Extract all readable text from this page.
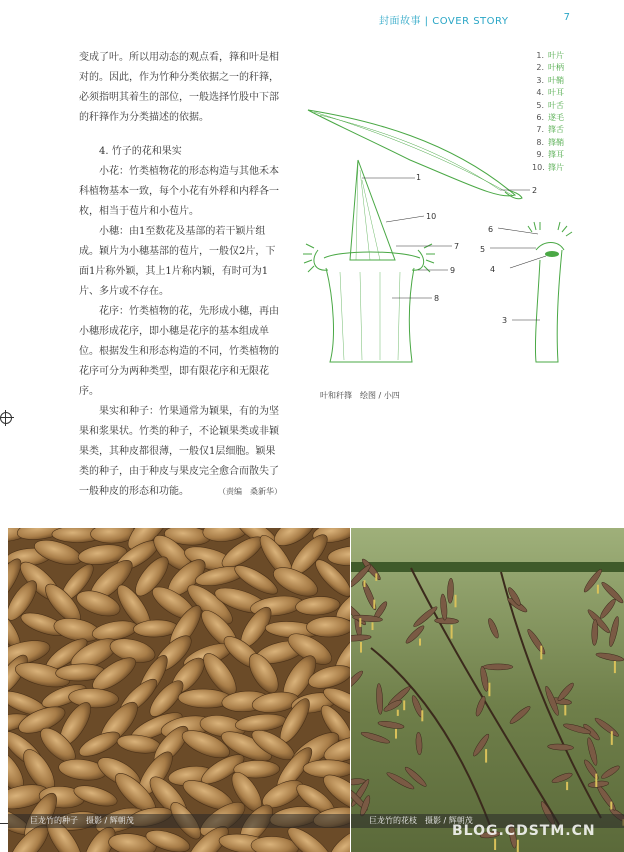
封面故事 | COVER STORY	7

变成了叶。所以用动态的观点看，箨和叶是相对的。因此，作为竹种分类依据之一的秆箨，必须指明其着生的部位，一般选择竹股中下部的秆箨作为分类描述的依据。

4. 竹子的花和果实

小花：竹类植物花的形态构造与其他禾本科植物基本一致，每个小花有外稃和内稃各一枚，相当于苞片和小苞片。

小穗：由1至数花及基部的若干颖片组成。颖片为小穗基部的苞片，一般仅2片，下面1片称外颖，其上1片称内颖，有时可为1片、多片或不存在。

花序：竹类植物的花，先形成小穗，再由小穗形成花序，即小穗是花序的基本组成单位。根据发生和形态构造的不同，竹类植物的花序可分为两种类型，即有限花序和无限花序。

果实和种子：竹果通常为颖果，有的为坚果和浆果状。竹类的种子，不论颖果类或非颖果类，其种皮都很薄，一般仅1层细胞。颖果类的种子，由于种皮与果皮完全愈合而散失了一般种皮的形态和功能。	（责编　桑新华）
1. 叶片
2. 叶柄
3. 叶鞘
4. 叶耳
5. 叶舌
6. 遂毛
7. 箨舌
8. 箨鞘
9. 箨耳
10. 箨片
1
2
3
4
5
6
7
8
9
10
叶和秆箨　绘图 / 小四
巨龙竹的种子　摄影 / 辉朝茂	巨龙竹的花枝　摄影 / 辉朝茂
BLOG.CDSTM.CN
